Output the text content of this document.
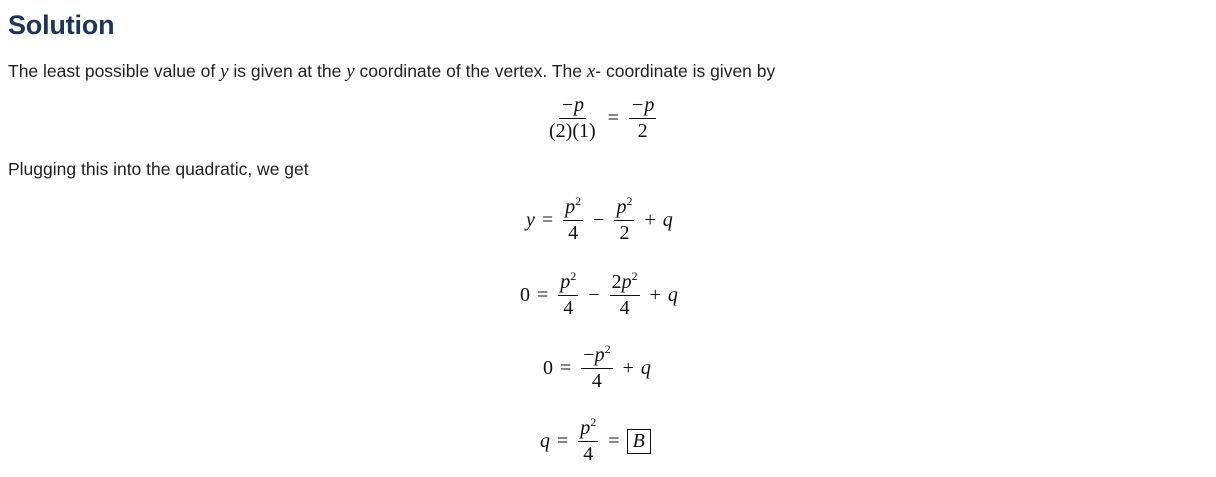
Solution

The least possible value of y is given at the y coordinate of the vertex. The x- coordinate is given by

$\frac{-p}{(2)(1)} = \frac{-p}{2}$

Plugging this into the quadratic, we get

$y = \frac{p^2}{4} - \frac{p^2}{2} + q$
$0 = \frac{p^2}{4} - \frac{2p^2}{4} + q$
$0 = \frac{-p^2}{4} + q$
$q = \frac{p^2}{4} = B$
